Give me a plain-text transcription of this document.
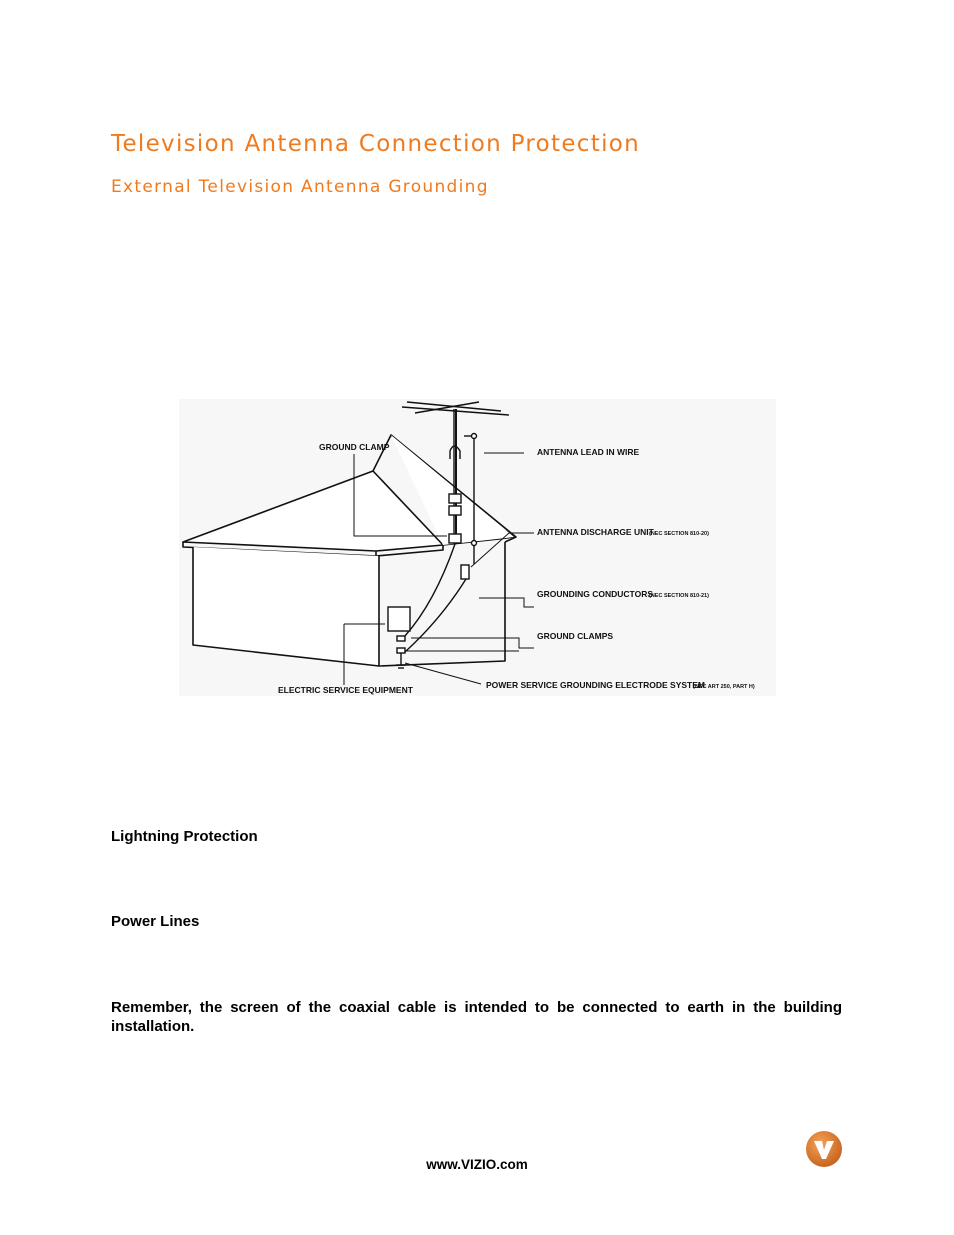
Television Antenna Connection Protection
External Television Antenna Grounding
GROUND CLAMP	ANTENNA LEAD IN WIRE
ANTENNA DISCHARGE UNIT
(NEC SECTION 810-20)
GROUNDING CONDUCTORS
(NEC SECTION 810-21)
GROUND CLAMPS
POWER SERVICE GROUNDING ELECTRODE SYSTEM
(NEC ART 250, PART H)
ELECTRIC SERVICE EQUIPMENT

Lightning Protection

Power Lines

Remember, the screen of the coaxial cable is intended to be connected to earth in the building installation.

www.VIZIO.com
